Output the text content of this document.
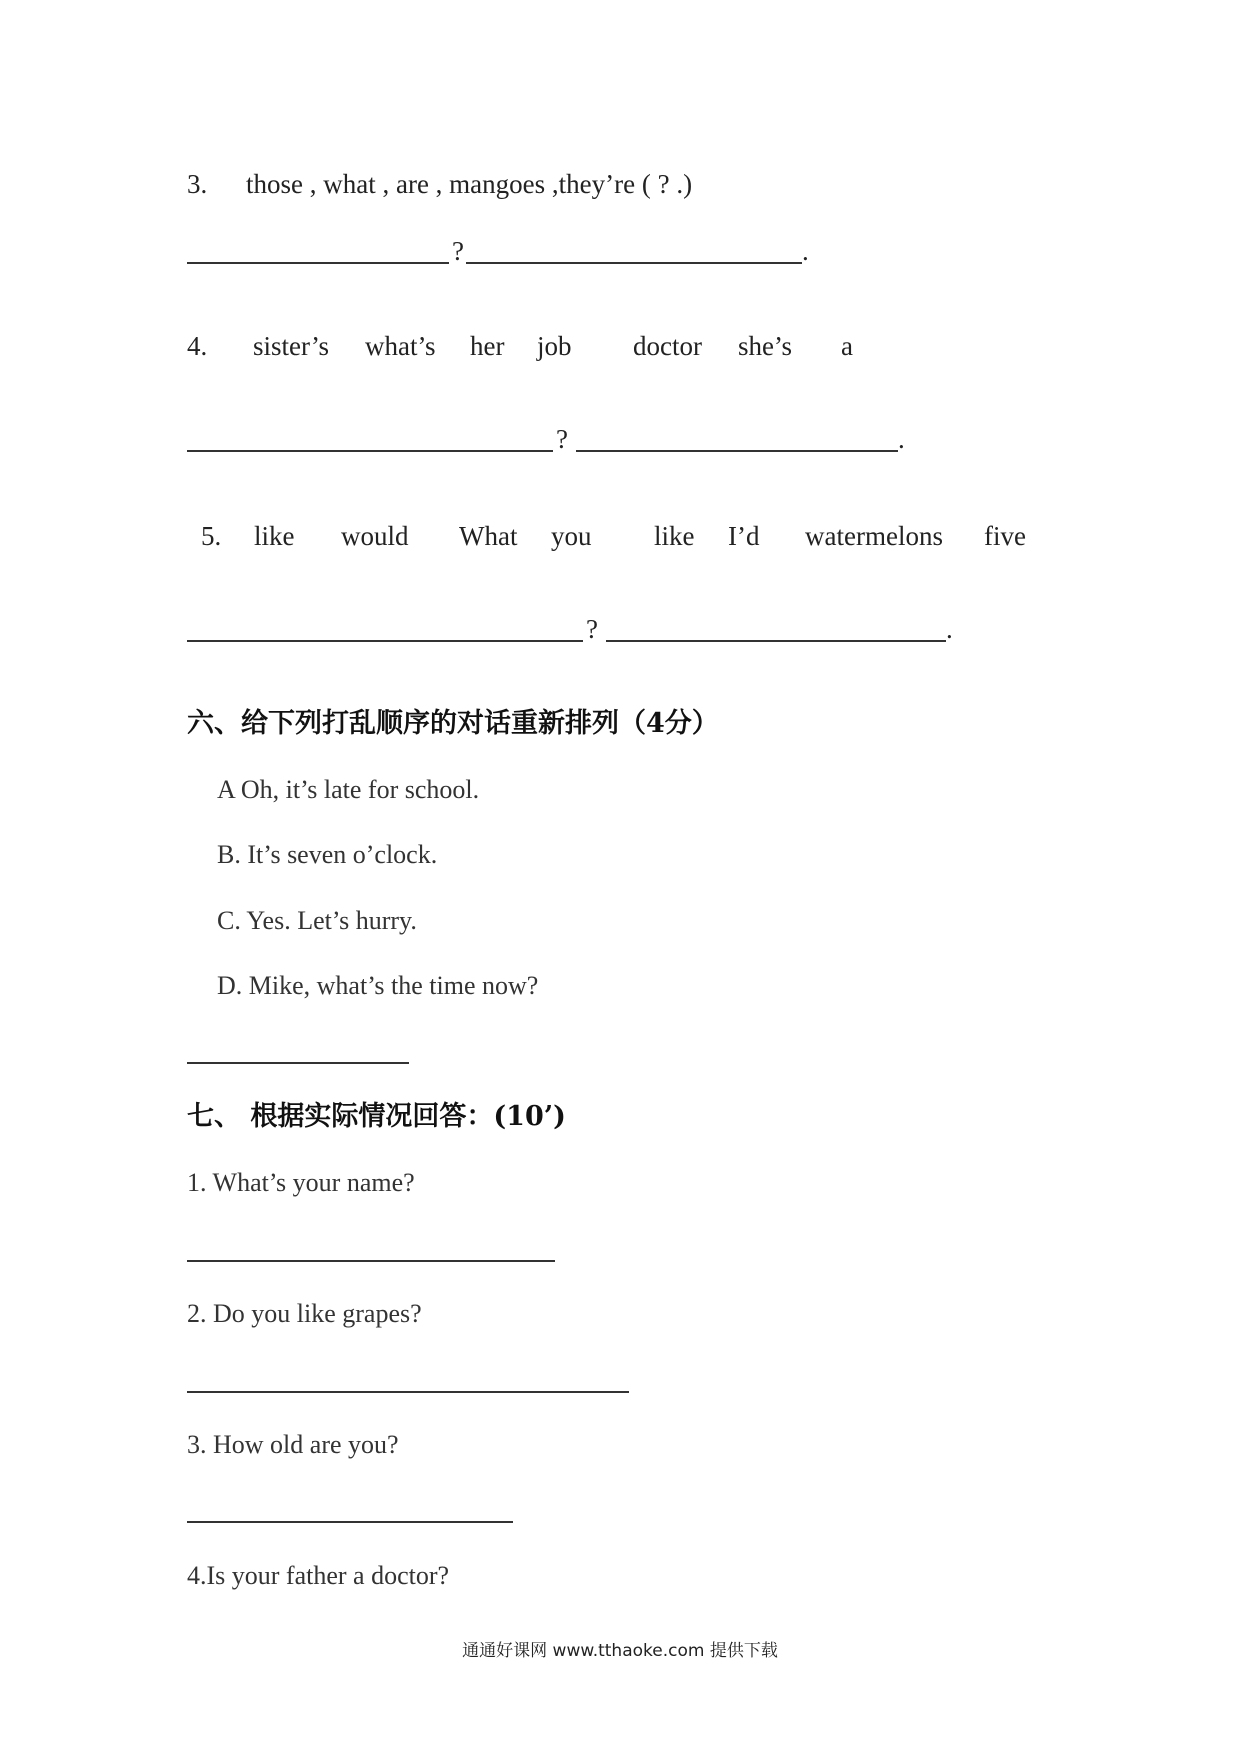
3. those , what , are , mangoes ,they’re ( ? .)
?	.
4. sister’s what’s her job doctor she’s a
?	.
5. like would What you like I’d watermelons five
?	.
六、给下列打乱顺序的对话重新排列（4分）
A Oh, it’s late for school.
B. It’s seven o’clock.
C. Yes. Let’s hurry.
D. Mike, what’s the time now?
七、 根据实际情况回答：(10’)
1. What’s your name?
2. Do you like grapes?
3. How old are you?
4.Is your father a doctor?
通通好课网 www.tthaoke.com 提供下载
